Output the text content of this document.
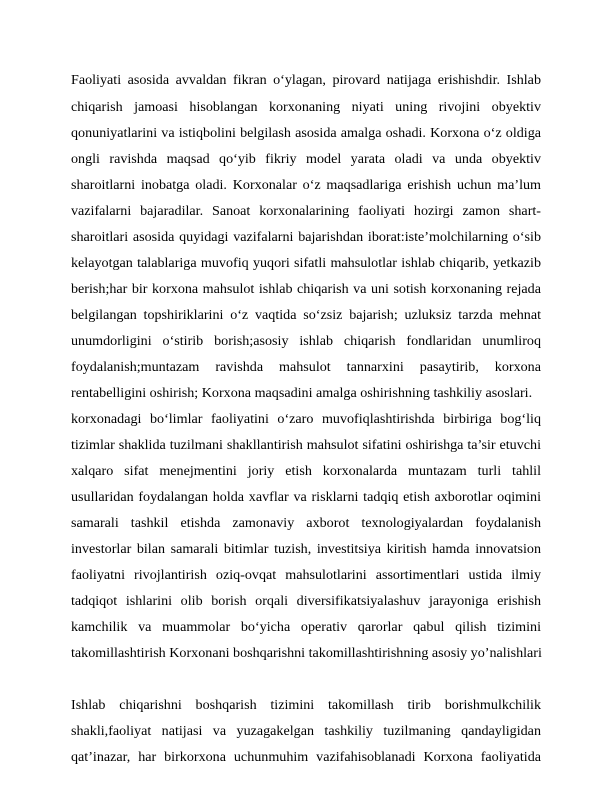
Faoliyati asosida avvaldan fikran o‘ylagan, pirovard natijaga erishishdir. Ishlab

chiqarish jamoasi hisoblangan korxonaning niyati uning rivojini obyektiv

qonuniyatlarini va istiqbolini belgilash asosida amalga oshadi. Korxona o‘z oldiga

ongli ravishda maqsad qo‘yib fikriy model yarata oladi va unda obyektiv

sharoitlarni inobatga oladi. Korxonalar o‘z maqsadlariga erishish uchun ma’lum

vazifalarni bajaradilar. Sanoat korxonalarining faoliyati hozirgi zamon shart-

sharoitlari asosida quyidagi vazifalarni bajarishdan iborat:iste’molchilarning o‘sib

kelayotgan talablariga muvofiq yuqori sifatli mahsulotlar ishlab chiqarib, yetkazib

berish;har bir korxona mahsulot ishlab chiqarish va uni sotish korxonaning rejada

belgilangan topshiriklarini o‘z vaqtida so‘zsiz bajarish; uzluksiz tarzda mehnat

unumdorligini o‘stirib borish;asosiy ishlab chiqarish fondlaridan unumliroq

foydalanish;muntazam ravishda mahsulot tannarxini pasaytirib, korxona

rentabelligini oshirish; Korxona maqsadini amalga oshirishning tashkiliy asoslari.

korxonadagi bo‘limlar faoliyatini o‘zaro muvofiqlashtirishda birbiriga bog‘liq

tizimlar shaklida tuzilmani shakllantirish mahsulot sifatini oshirishga ta’sir etuvchi

xalqaro sifat menejmentini joriy etish korxonalarda muntazam turli tahlil

usullaridan foydalangan holda xavflar va risklarni tadqiq etish axborotlar oqimini

samarali tashkil etishda zamonaviy axborot texnologiyalardan foydalanish

investorlar bilan samarali bitimlar tuzish, investitsiya kiritish hamda innovatsion

faoliyatni rivojlantirish oziq-ovqat mahsulotlarini assortimentlari ustida ilmiy

tadqiqot ishlarini olib borish orqali diversifikatsiyalashuv jarayoniga erishish

kamchilik va muammolar bo‘yicha operativ qarorlar qabul qilish tizimini

takomillashtirish Korxonani boshqarishni takomillashtirishning asosiy yo’nalishlari

Ishlab chiqarishni boshqarish tizimini takomillash tirib borishmulkchilik

shakli,faoliyat natijasi va yuzagakelgan tashkiliy tuzilmaning qandayligidan

qat’inazar, har birkorxona uchunmuhim vazifahisoblanadi Korxona faoliyatida
